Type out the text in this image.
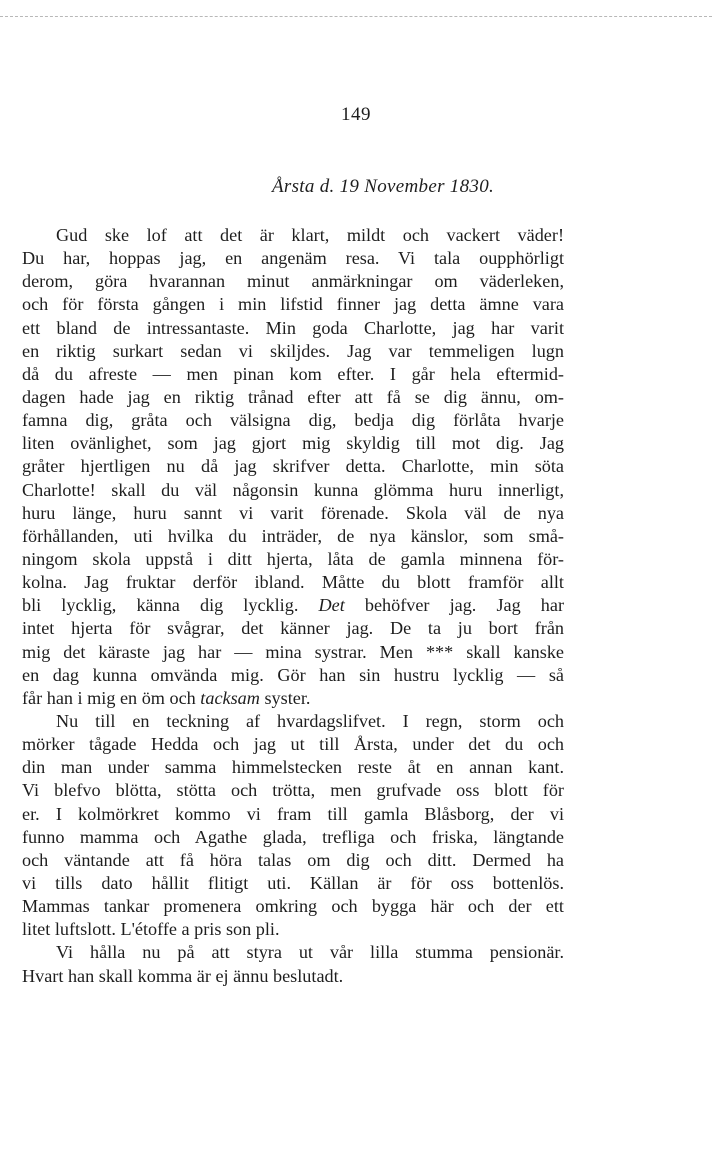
149
Årsta d. 19 November 1830.
Gud ske lof att det är klart, mildt och vackert väder!
Du har, hoppas jag, en angenäm resa. Vi tala oupphörligt
derom, göra hvarannan minut anmärkningar om väderleken,
och för första gången i min lifstid finner jag detta ämne vara
ett bland de intressantaste. Min goda Charlotte, jag har varit
en riktig surkart sedan vi skiljdes. Jag var temmeligen lugn
då du afreste — men pinan kom efter. I går hela eftermid-
dagen hade jag en riktig trånad efter att få se dig ännu, om-
famna dig, gråta och välsigna dig, bedja dig förlåta hvarje
liten ovänlighet, som jag gjort mig skyldig till mot dig. Jag
gråter hjertligen nu då jag skrifver detta. Charlotte, min söta
Charlotte! skall du väl någonsin kunna glömma huru innerligt,
huru länge, huru sannt vi varit förenade. Skola väl de nya
förhållanden, uti hvilka du inträder, de nya känslor, som små-
ningom skola uppstå i ditt hjerta, låta de gamla minnena för-
kolna. Jag fruktar derför ibland. Måtte du blott framför allt
bli lycklig, känna dig lycklig. Det behöfver jag. Jag har
intet hjerta för svågrar, det känner jag. De ta ju bort från
mig det käraste jag har — mina systrar. Men *** skall kanske
en dag kunna omvända mig. Gör han sin hustru lycklig — så
får han i mig en öm och tacksam syster.
Nu till en teckning af hvardagslifvet. I regn, storm och
mörker tågade Hedda och jag ut till Årsta, under det du och
din man under samma himmelstecken reste åt en annan kant.
Vi blefvo blötta, stötta och trötta, men grufvade oss blott för
er. I kolmörkret kommo vi fram till gamla Blåsborg, der vi
funno mamma och Agathe glada, trefliga och friska, längtande
och väntande att få höra talas om dig och ditt. Dermed ha
vi tills dato hållit flitigt uti. Källan är för oss bottenlös.
Mammas tankar promenera omkring och bygga här och der ett
litet luftslott. L'étoffe a pris son pli.
Vi hålla nu på att styra ut vår lilla stumma pensionär.
Hvart han skall komma är ej ännu beslutadt.
